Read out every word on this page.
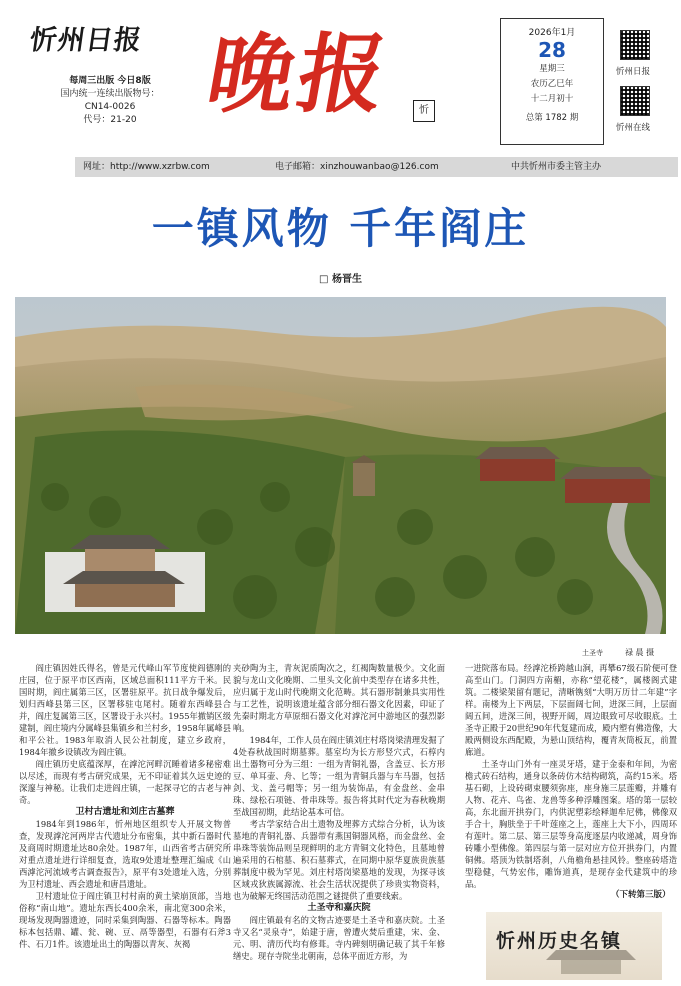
忻州日报
每周三出版 今日8版
国内统一连续出版物号：
CN14-0026
代号：21-20 晚报	忻
2026年1月
28
星期三
农历乙巳年
十二月初十
总第 1782 期
忻州日报
忻州在线
网址：http://www.xzrbw.com	电子邮箱：xinzhouwanbao@126.com	中共忻州市委主管主办
一镇风物 千年阎庄
□ 杨晋生
土圣寺	禄 晨 摄

阎庄镇因姓氏得名，曾是元代峰山军节度使阎德刚的庄园，位于原平市区西南，区域总面积111平方千米。民国时期，阎庄属第三区，区署驻原平。抗日战争爆发后，划归西峰县第三区，区署移驻屯尾村。随着东西峰县合并，阎庄复属第三区，区署设于永兴村。1955年撤销区级建制，阎庄境内分属峰县集镇乡和兰村乡，1958年属峰县和平公社。1983年取消人民公社制度，建立乡政府，1984年撤乡设镇改为阎庄镇。

阎庄镇历史底蕴深厚，在滹沱河畔沉睡着诸多秘密难以尽述，而现有考古研究成果，无不印证着其久远史迹的深邃与神秘。让我们走进阎庄镇，一起探寻它的古老与神奇。

卫村古遗址和刘庄古墓葬

1984年到1986年，忻州地区组织专人开展文物普查，发现滹沱河两岸古代遗址分布密集，其中新石器时代及商周时期遗址达80余处。1987年，山西省考古研究所对重点遗址进行详细复查，选取9处遗址整理汇编成《山西滹沱河流域考古调查报告》，原平有3处遗址入选，分别为卫村遗址、西会遗址和唐昌遗址。

卫村遗址位于阎庄镇卫村村南的黄土梁崩顶部，当地俗称“南山地”。遗址东西长400余米，南北宽300余米，现场发现陶器遗迹，同时采集到陶器、石器等标本。陶器标本包括鼎、罐、瓮、碗、豆、鬲等器型，石器有石斧3件、石刀1件。该遗址出土的陶器以青灰、灰褐

夹砂陶为主，青灰泥质陶次之，红褐陶数量极少。文化面貌与龙山文化晚期、二里头文化前中类型存在诸多共性，应归属于龙山时代晚期文化范畴。其石器形制兼具实用性与工艺性，说明该遗址蕴含部分细石器文化因素，印证了先秦时期北方草原细石器文化对滹沱河中游地区的强烈影响。

1984年，工作人员在阎庄镇刘庄村塔岗梁清理发掘了4处春秋战国时期墓葬。墓室均为长方形竖穴式，石椁内出土器物可分为三组：一组为青铜礼器，含盖豆、长方形豆、单耳壶、舟、匕等；一组为青铜兵器与车马器，包括剑、戈、盖弓帽等；另一组为装饰品，有金盘丝、金串珠、绿松石项链、骨串珠等。报告将其时代定为春秋晚期至战国初期，此结论基本可信。

考古学家结合出土遗物及埋葬方式综合分析，认为该墓地的青铜礼器、兵器带有燕国铜器风格，而金盘丝、金串珠等装饰品则呈现鲜明的北方青铜文化特色，且墓地曾遍采用的石棺墓、积石墓葬式，在同期中原华夏族贵族墓葬制度中极为罕见。刘庄村塔岗梁墓地的发现，为探寻该区域戎狄族属源流、社会生活状况提供了珍贵实物资料，也为破解无终国活动范围之谜提供了重要线索。

土圣寺和嘉庆院

阎庄镇最有名的文物古迹要是土圣寺和嘉庆院。土圣寺又名“灵泉寺”，始建于唐，曾遭火焚后重建，宋、金、元、明、清历代均有修葺。寺内碑刻明确记载了其千年修缮史。现存寺院坐北朝南，总体平面近方形，为

一进院落布局。经滹沱桥跨越山涧，再攀67级石阶便可登高至山门。门洞四方南楣，亦称“望花楼”，属楼阁式建筑。二楼梁架留有题记，清晰镌刻“大明万历廿二年建”字样。南楼为上下两层，下层面阔七间，进深三间，上层面阔五间，进深三间，视野开阔，周边眼致可尽收眼底。土圣寺正殿于20世纪90年代复建而成，殿内塑有佛造像，大殿两侧设东西配殿，为悬山顶结构，覆青灰筒板瓦，前置廊道。

土圣寺山门外有一座灵牙塔，建于金泰和年间，为密檐式砖石结构，通身以条砖仿木结构砌筑，高约15米。塔基石砌，上设砖砌束腰须弥座，座身施三层莲瓣，并雕有人物、花卉、鸟雀、龙兽等多种浮雕图案。塔的第一层较高，东北面开拱券门，内供泥塑彩绘释迦牟尼佛，佛像双手合十，胸肤坐于千叶莲座之上，莲座上大下小，四周环有莲叶。第二层、第三层等身高度逐层内收递减，周身饰砖雕小型佛像。第四层与第一层对应方位开拱券门，内置铜佛。塔顶为铁制塔刹，八角檐角悬挂风铃。整座砖塔造型稳健，气势宏伟，雕饰道真，是现存金代建筑中的珍品。

（下转第三版）
忻州历史名镇
